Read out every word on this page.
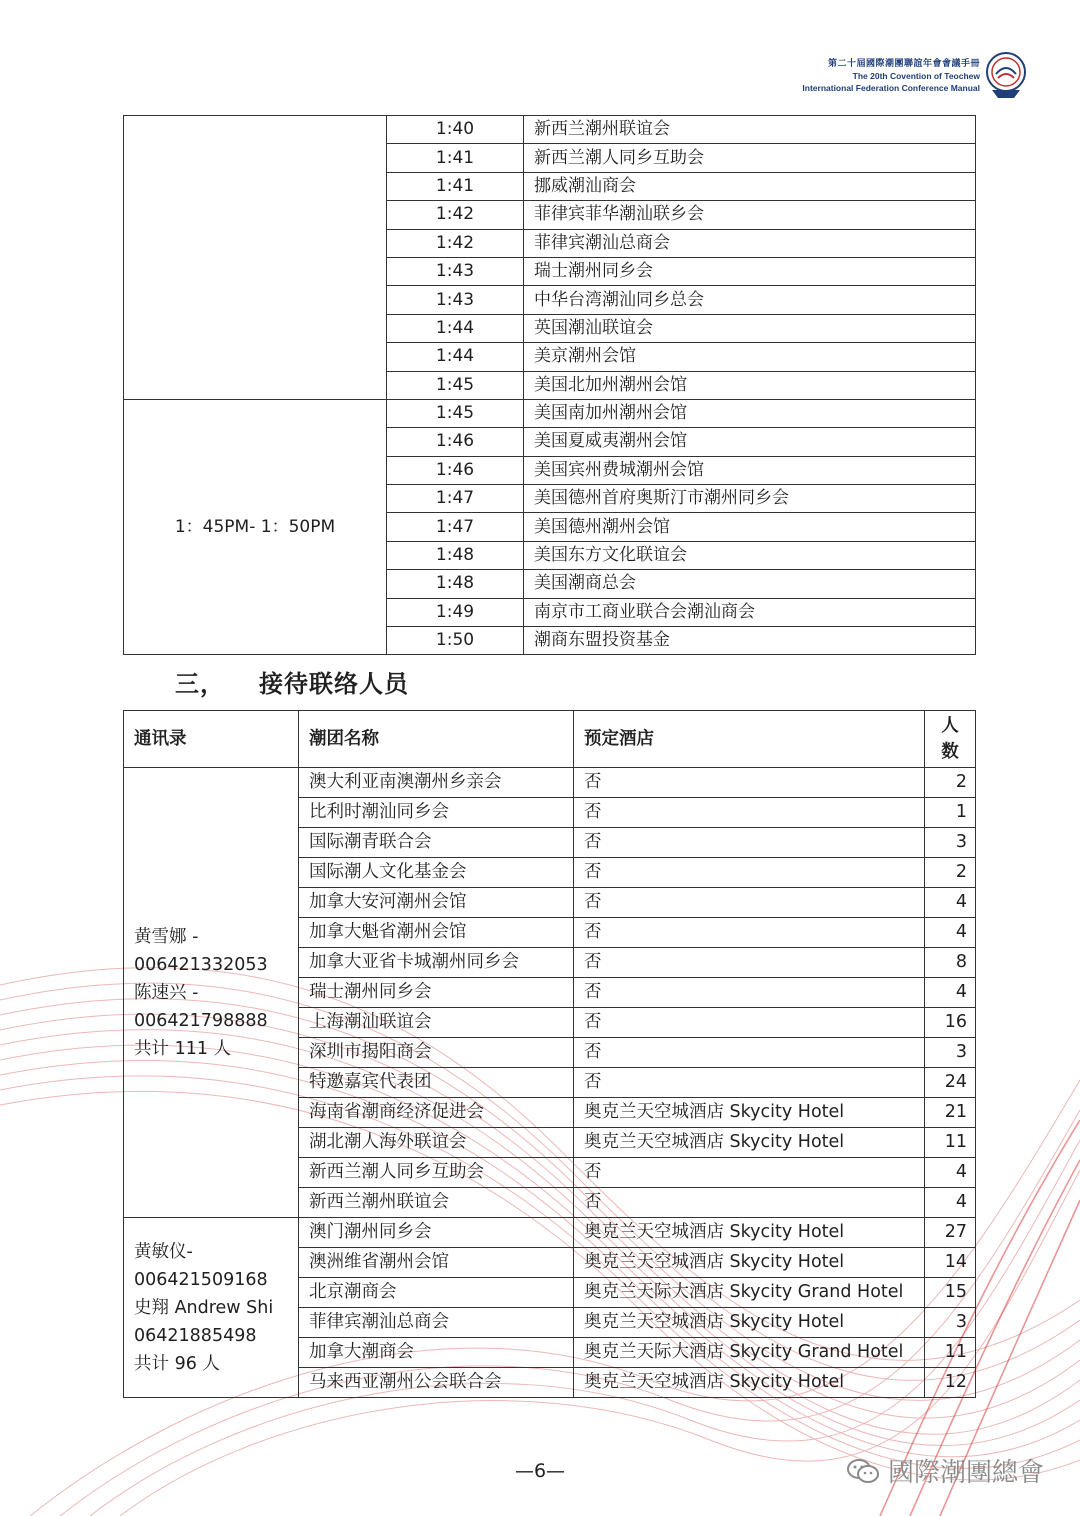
第二十屆國際潮團聯誼年會會議手冊
The 20th Covention of Teochew
International Federation Conference Manual
	1:40	新西兰潮州联谊会
	1:41	新西兰潮人同乡互助会
	1:41	挪威潮汕商会
	1:42	菲律宾菲华潮汕联乡会
	1:42	菲律宾潮汕总商会
	1:43	瑞士潮州同乡会
	1:43	中华台湾潮汕同乡总会
	1:44	英国潮汕联谊会
	1:44	美京潮州会馆
	1:45	美国北加州潮州会馆
1：45PM- 1：50PM	1:45	美国南加州潮州会馆
	1:46	美国夏威夷潮州会馆
	1:46	美国宾州费城潮州会馆
	1:47	美国德州首府奥斯汀市潮州同乡会
	1:47	美国德州潮州会馆
	1:48	美国东方文化联谊会
	1:48	美国潮商总会
	1:49	南京市工商业联合会潮汕商会
	1:50	潮商东盟投资基金
三， 接待联络人员
通讯录	潮团名称	预定酒店	人
数

黄雪娜 -
006421332053
陈速兴 -
006421798888
共计 111 人	澳大利亚南澳潮州乡亲会	否	2
	比利时潮汕同乡会	否	1
	国际潮青联合会	否	3
	国际潮人文化基金会	否	2
	加拿大安河潮州会馆	否	4
	加拿大魁省潮州会馆	否	4
	加拿大亚省卡城潮州同乡会	否	8
	瑞士潮州同乡会	否	4
	上海潮汕联谊会	否	16
	深圳市揭阳商会	否	3
	特邀嘉宾代表团	否	24
	海南省潮商经济促进会	奥克兰天空城酒店 Skycity Hotel	21
	湖北潮人海外联谊会	奥克兰天空城酒店 Skycity Hotel	11
	新西兰潮人同乡互助会	否	4
	新西兰潮州联谊会	否	4

黄敏仪-
006421509168
史翔 Andrew Shi
06421885498
共计 96 人	澳门潮州同乡会	奥克兰天空城酒店 Skycity Hotel	27
	澳洲维省潮州会馆	奥克兰天空城酒店 Skycity Hotel	14
	北京潮商会	奥克兰天际大酒店 Skycity Grand Hotel	15
	菲律宾潮汕总商会	奥克兰天空城酒店 Skycity Hotel	3
	加拿大潮商会	奥克兰天际大酒店 Skycity Grand Hotel	11
	马来西亚潮州公会联合会	奥克兰天空城酒店 Skycity Hotel	12
—6—	國際潮團總會
